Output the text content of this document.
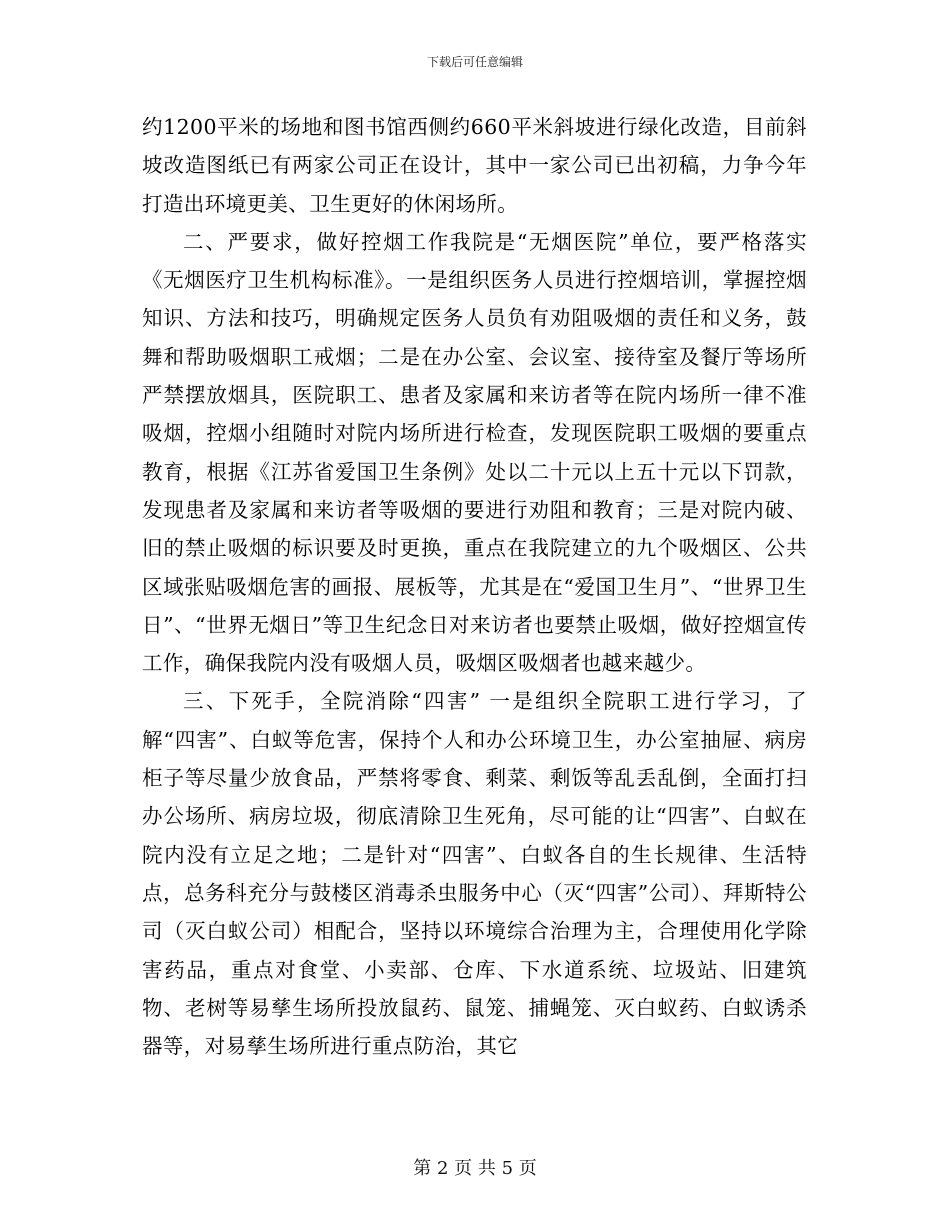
下载后可任意编辑

约1200平米的场地和图书馆西侧约660平米斜坡进行绿化改造，目前斜坡改造图纸已有两家公司正在设计，其中一家公司已出初稿，力争今年打造出环境更美、卫生更好的休闲场所。

二、严要求，做好控烟工作我院是“无烟医院”单位，要严格落实《无烟医疗卫生机构标准》。一是组织医务人员进行控烟培训，掌握控烟知识、方法和技巧，明确规定医务人员负有劝阻吸烟的责任和义务，鼓舞和帮助吸烟职工戒烟；二是在办公室、会议室、接待室及餐厅等场所严禁摆放烟具，医院职工、患者及家属和来访者等在院内场所一律不准吸烟，控烟小组随时对院内场所进行检查，发现医院职工吸烟的要重点教育，根据《江苏省爱国卫生条例》处以二十元以上五十元以下罚款，发现患者及家属和来访者等吸烟的要进行劝阻和教育；三是对院内破、旧的禁止吸烟的标识要及时更换，重点在我院建立的九个吸烟区、公共区域张贴吸烟危害的画报、展板等，尤其是在“爱国卫生月”、“世界卫生日”、“世界无烟日”等卫生纪念日对来访者也要禁止吸烟，做好控烟宣传工作，确保我院内没有吸烟人员，吸烟区吸烟者也越来越少。

三、下死手，全院消除“四害” 一是组织全院职工进行学习，了解“四害”、白蚁等危害，保持个人和办公环境卫生，办公室抽屉、病房柜子等尽量少放食品，严禁将零食、剩菜、剩饭等乱丢乱倒，全面打扫办公场所、病房垃圾，彻底清除卫生死角，尽可能的让“四害”、白蚁在院内没有立足之地；二是针对“四害”、白蚁各自的生长规律、生活特点，总务科充分与鼓楼区消毒杀虫服务中心（灭“四害”公司）、拜斯特公司（灭白蚁公司）相配合，坚持以环境综合治理为主，合理使用化学除害药品，重点对食堂、小卖部、仓库、下水道系统、垃圾站、旧建筑物、老树等易孳生场所投放鼠药、鼠笼、捕蝇笼、灭白蚁药、白蚁诱杀器等，对易孳生场所进行重点防治，其它

第 2 页 共 5 页
